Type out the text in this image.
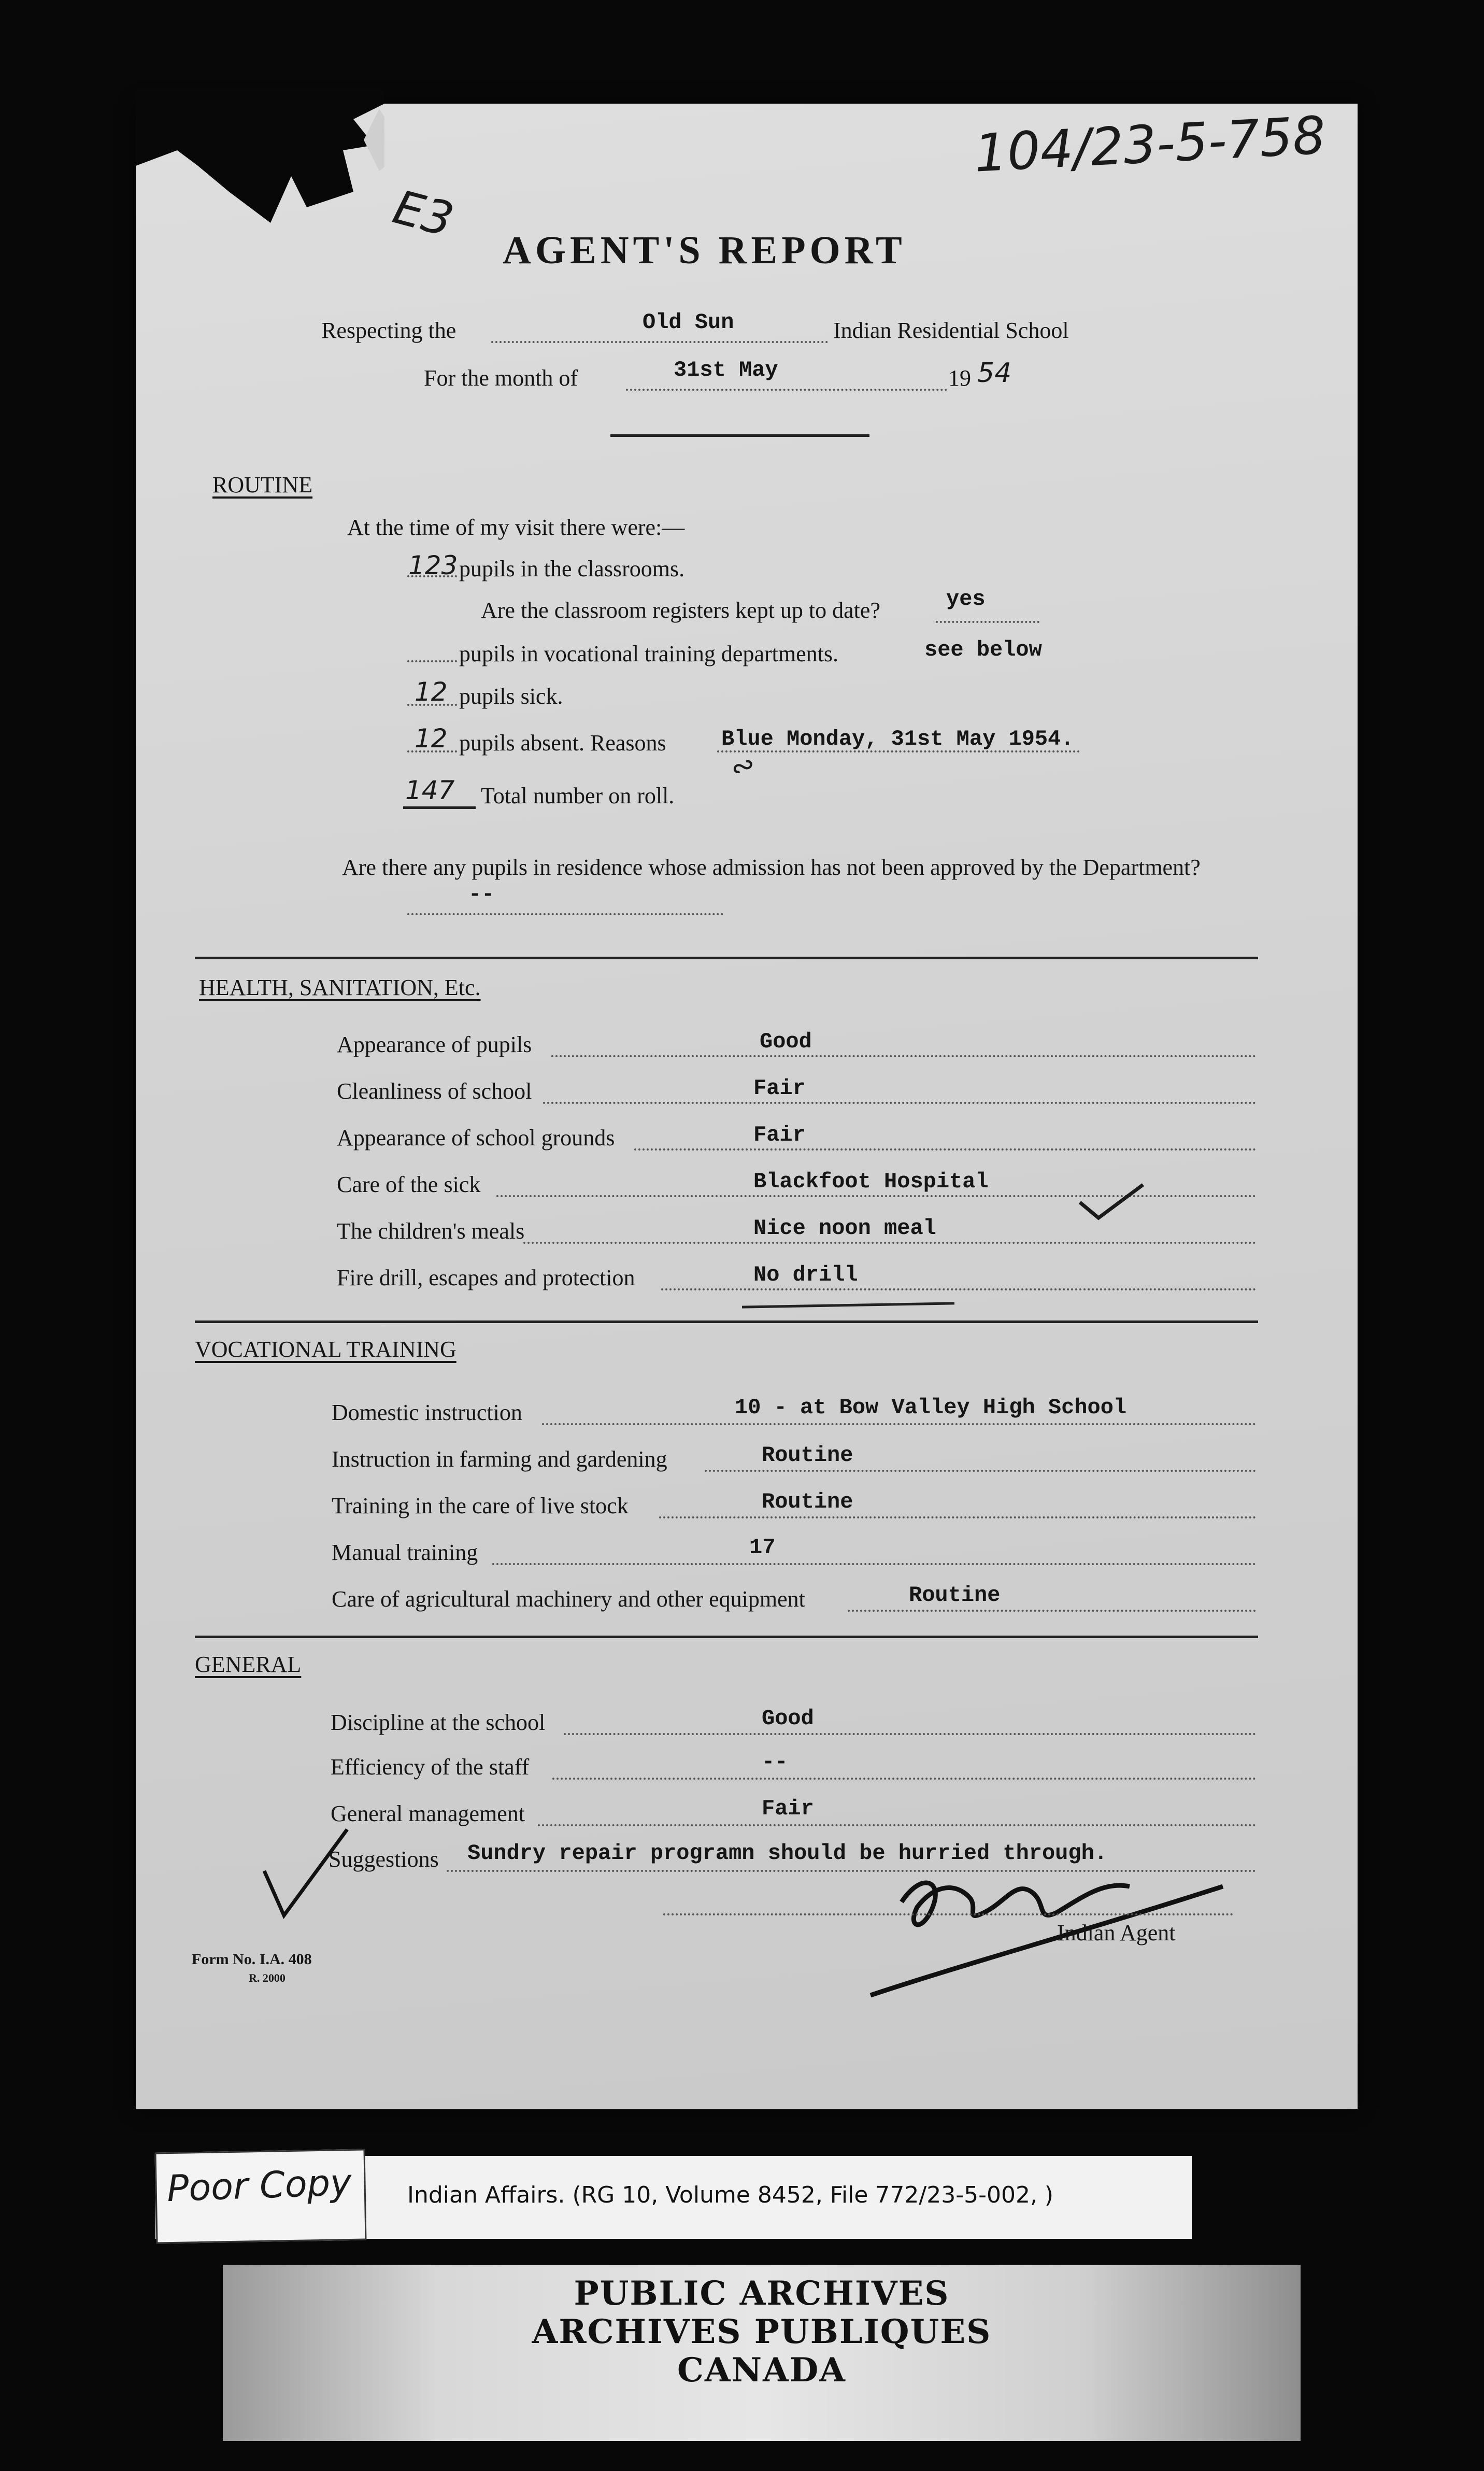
104/23-5-758
E3
AGENT'S REPORT
Respecting the	Old Sun	Indian Residential School
For the month of	31st May	19 54
ROUTINE
At the time of my visit there were:—
123 pupils in the classrooms.
Are the classroom registers kept up to date?	yes
pupils in vocational training departments.	see below
12 pupils sick.
12 pupils absent. Reasons	Blue Monday, 31st May 1954.
∾
147 Total number on roll.
Are there any pupils in residence whose admission has not been approved by the Department?
--
HEALTH, SANITATION, Etc.
Appearance of pupils	Good
Cleanliness of school	Fair
Appearance of school grounds	Fair
Care of the sick	Blackfoot Hospital
The children's meals	Nice noon meal
Fire drill, escapes and protection	No drill
VOCATIONAL TRAINING
Domestic instruction	10 - at Bow Valley High School
Instruction in farming and gardening	Routine
Training in the care of live stock	Routine
Manual training	17
Care of agricultural machinery and other equipment	Routine
GENERAL
Discipline at the school	Good
Efficiency of the staff	--
General management	Fair
Suggestions Sundry repair programn should be hurried through.
Indian Agent
Form No. I.A. 408
R. 2000
Poor Copy Indian Affairs. (RG 10, Volume 8452, File 772/23-5-002, )
PUBLIC ARCHIVES
ARCHIVES PUBLIQUES
CANADA
